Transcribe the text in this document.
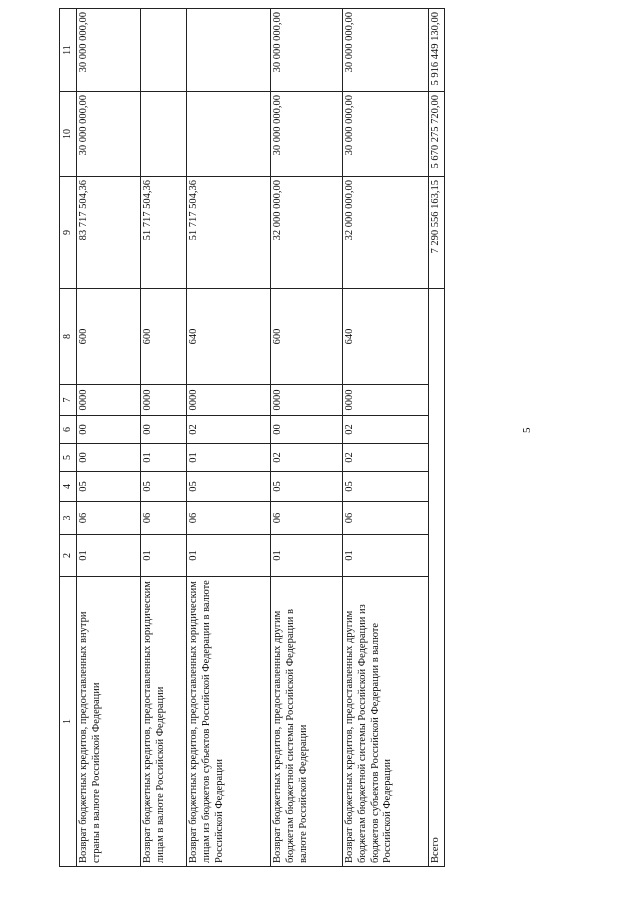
5
1	2	3	4	5	6	7	8	9	10	11
Возврат бюджетных кредитов, предоставленных внутри страны в валюте Российской Федерации	01	06	05	00	00	0000	600	83 717 504,36	30 000 000,00	30 000 000,00
Возврат бюджетных кредитов, предоставленных юридическим лицам в валюте Российской Федерации	01	06	05	01	00	0000	600	51 717 504,36		
Возврат бюджетных кредитов, предоставленных юридическим лицам из бюджетов субъектов Российской Федерации в валюте Российской Федерации	01	06	05	01	02	0000	640	51 717 504,36		
Возврат бюджетных кредитов, предоставленных другим бюджетам бюджетной системы Российской Федерации в валюте Российской Федерации	01	06	05	02	00	0000	600	32 000 000,00	30 000 000,00	30 000 000,00
Возврат бюджетных кредитов, предоставленных другим бюджетам бюджетной системы Российской Федерации из бюджетов субъектов Российской Федерации в валюте Российской Федерации	01	06	05	02	02	0000	640	32 000 000,00	30 000 000,00	30 000 000,00
Всего								7 290 556 163,15	5 670 275 720,00	5 916 449 130,00
